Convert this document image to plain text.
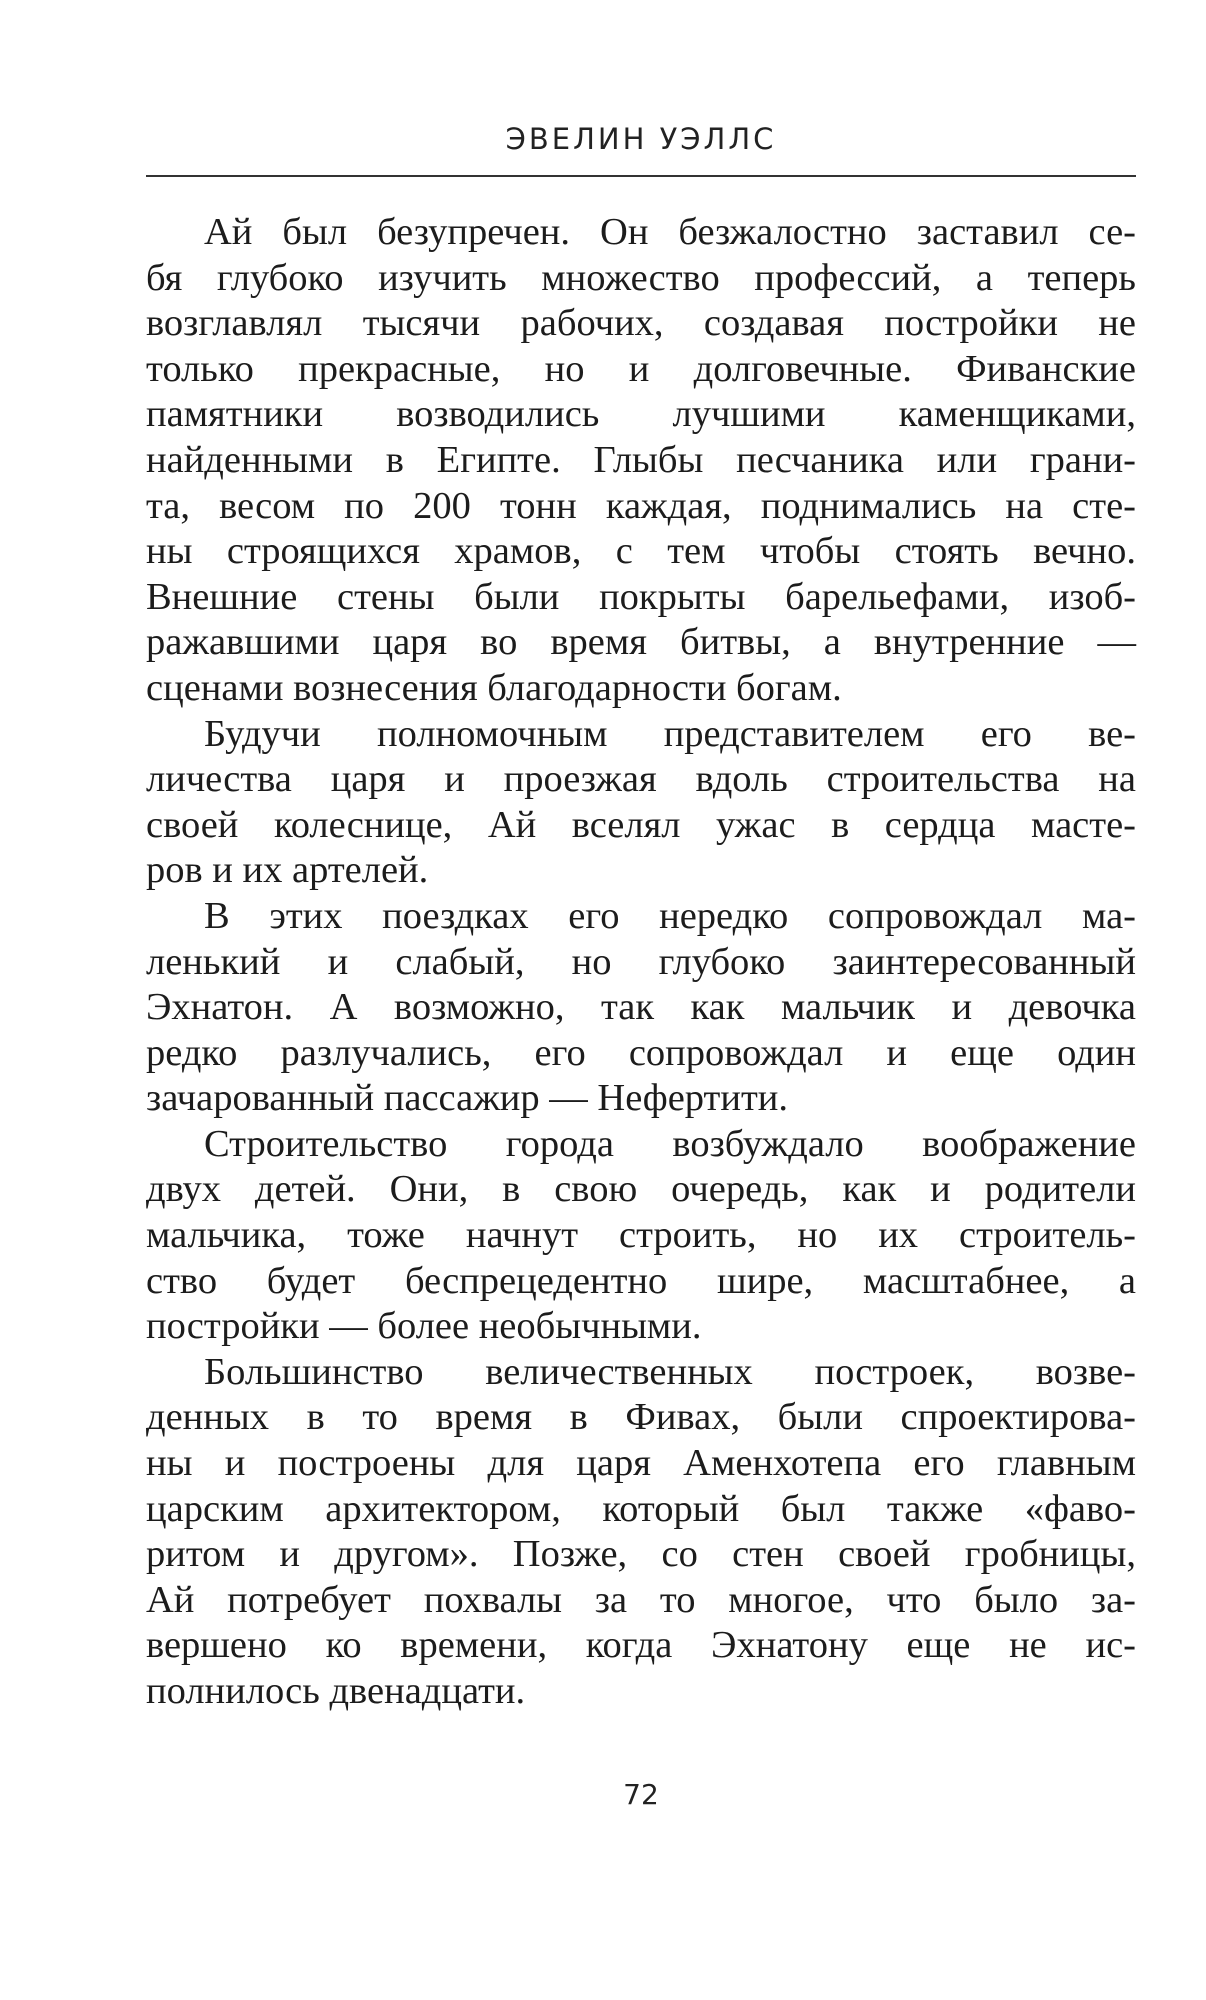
ЭВЕЛИН УЭЛЛС
Ай был безупречен. Он безжалостно заставил се-
бя глубоко изучить множество профессий, а теперь
возглавлял тысячи рабочих, создавая постройки не
только прекрасные, но и долговечные. Фиванские
памятники возводились лучшими каменщиками,
найденными в Египте. Глыбы песчаника или грани-
та, весом по 200 тонн каждая, поднимались на сте-
ны строящихся храмов, с тем чтобы стоять вечно.
Внешние стены были покрыты барельефами, изоб-
ражавшими царя во время битвы, а внутренние —
сценами вознесения благодарности богам.
Будучи полномочным представителем его ве-
личества царя и проезжая вдоль строительства на
своей колеснице, Ай вселял ужас в сердца масте-
ров и их артелей.
В этих поездках его нередко сопровождал ма-
ленький и слабый, но глубоко заинтересованный
Эхнатон. А возможно, так как мальчик и девочка
редко разлучались, его сопровождал и еще один
зачарованный пассажир — Нефертити.
Строительство города возбуждало воображение
двух детей. Они, в свою очередь, как и родители
мальчика, тоже начнут строить, но их строитель-
ство будет беспрецедентно шире, масштабнее, а
постройки — более необычными.
Большинство величественных построек, возве-
денных в то время в Фивах, были спроектирова-
ны и построены для царя Аменхотепа его главным
царским архитектором, который был также «фаво-
ритом и другом». Позже, со стен своей гробницы,
Ай потребует похвалы за то многое, что было за-
вершено ко времени, когда Эхнатону еще не ис-
полнилось двенадцати.
72
